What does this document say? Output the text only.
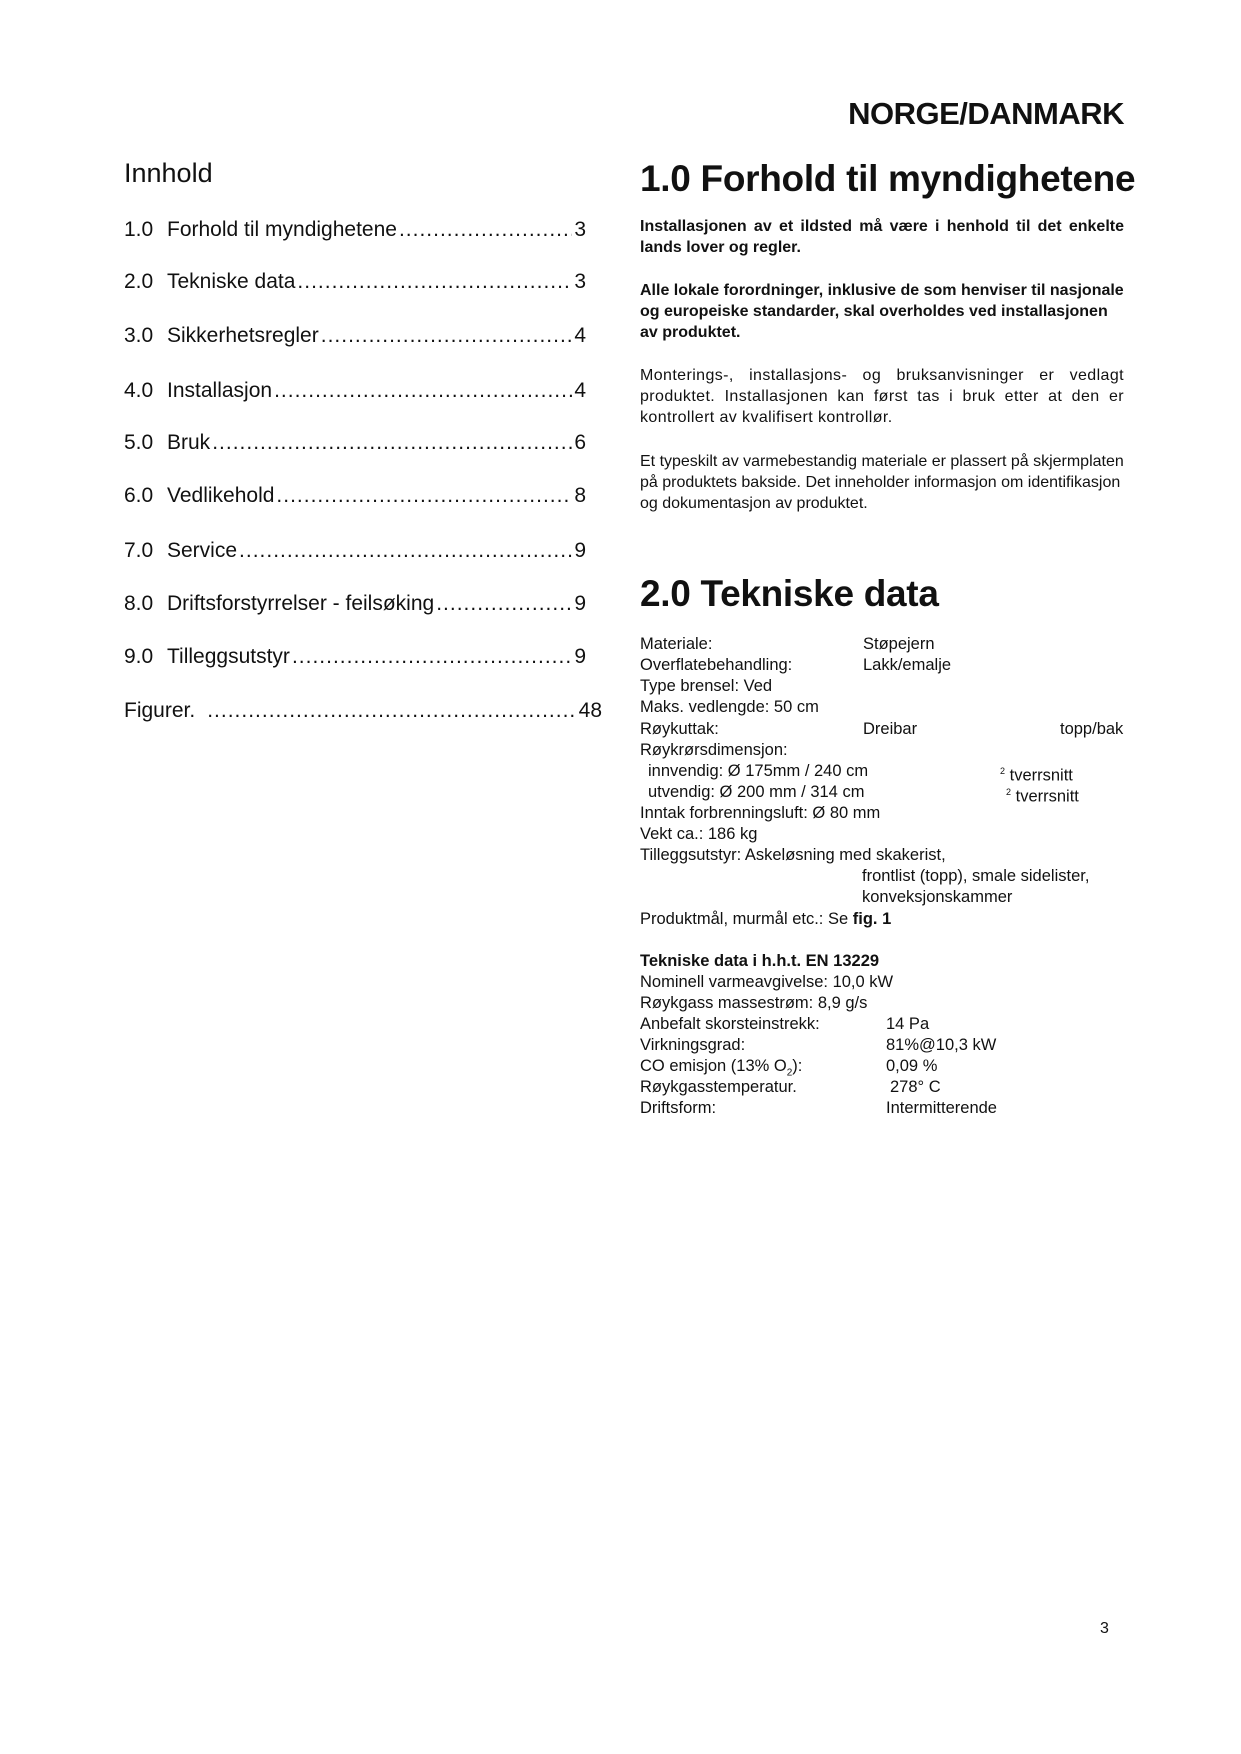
NORGE/DANMARK
Innhold
1.0 Forhold til myndighetene .....	3
2.0 Tekniske data .....	3
3.0 Sikkerhetsregler .....	4
4.0 Installasjon .....	4
5.0 Bruk .....	6
6.0 Vedlikehold .....	8
7.0 Service .....	9
8.0 Driftsforstyrrelser - feilsøking .....	9
9.0 Tilleggsutstyr .....	9
Figurer. .....	48
1.0 Forhold til myndighetene
Installasjonen av et ildsted må være i henhold til det enkelte lands lover og regler.
Alle lokale forordninger, inklusive de som henviser til nasjonale og europeiske standarder, skal overholdes ved installasjonen av produktet.
Monterings-, installasjons- og bruksanvisninger er vedlagt produktet. Installasjonen kan først tas i bruk etter at den er kontrollert av kvalifisert kontrollør.
Et typeskilt av varmebestandig materiale er plassert på skjermplaten på produktets bakside. Det inneholder informasjon om identifikasjon og dokumentasjon av produktet.
2.0 Tekniske data
Materiale:	Støpejern
Overflatebehandling:	Lakk/emalje
Type brensel: Ved
Maks. vedlengde: 50 cm
Røykuttak:	Dreibar	topp/bak
Røykrørsdimensjon:
innvendig: Ø 175mm / 240 cm	$^2$ tverrsnitt
utvendig: Ø 200 mm / 314 cm	$^2$ tverrsnitt
Inntak forbrenningsluft: Ø 80 mm
Vekt ca.: 186 kg
Tilleggsutstyr: Askeløsning med skakerist,
frontlist (topp), smale sidelister,
konveksjonskammer
Produktmål, murmål etc.: Se fig. 1
Tekniske data i h.h.t. EN 13229
Nominell varmeavgivelse: 10,0 kW
Røykgass massestrøm: 8,9 g/s
Anbefalt skorsteinstrekk:	14 Pa
Virkningsgrad:	81%@10,3 kW
CO emisjon (13% $O_2$):	0,09 %
Røykgasstemperatur.	278° C
Driftsform:	Intermitterende
3
